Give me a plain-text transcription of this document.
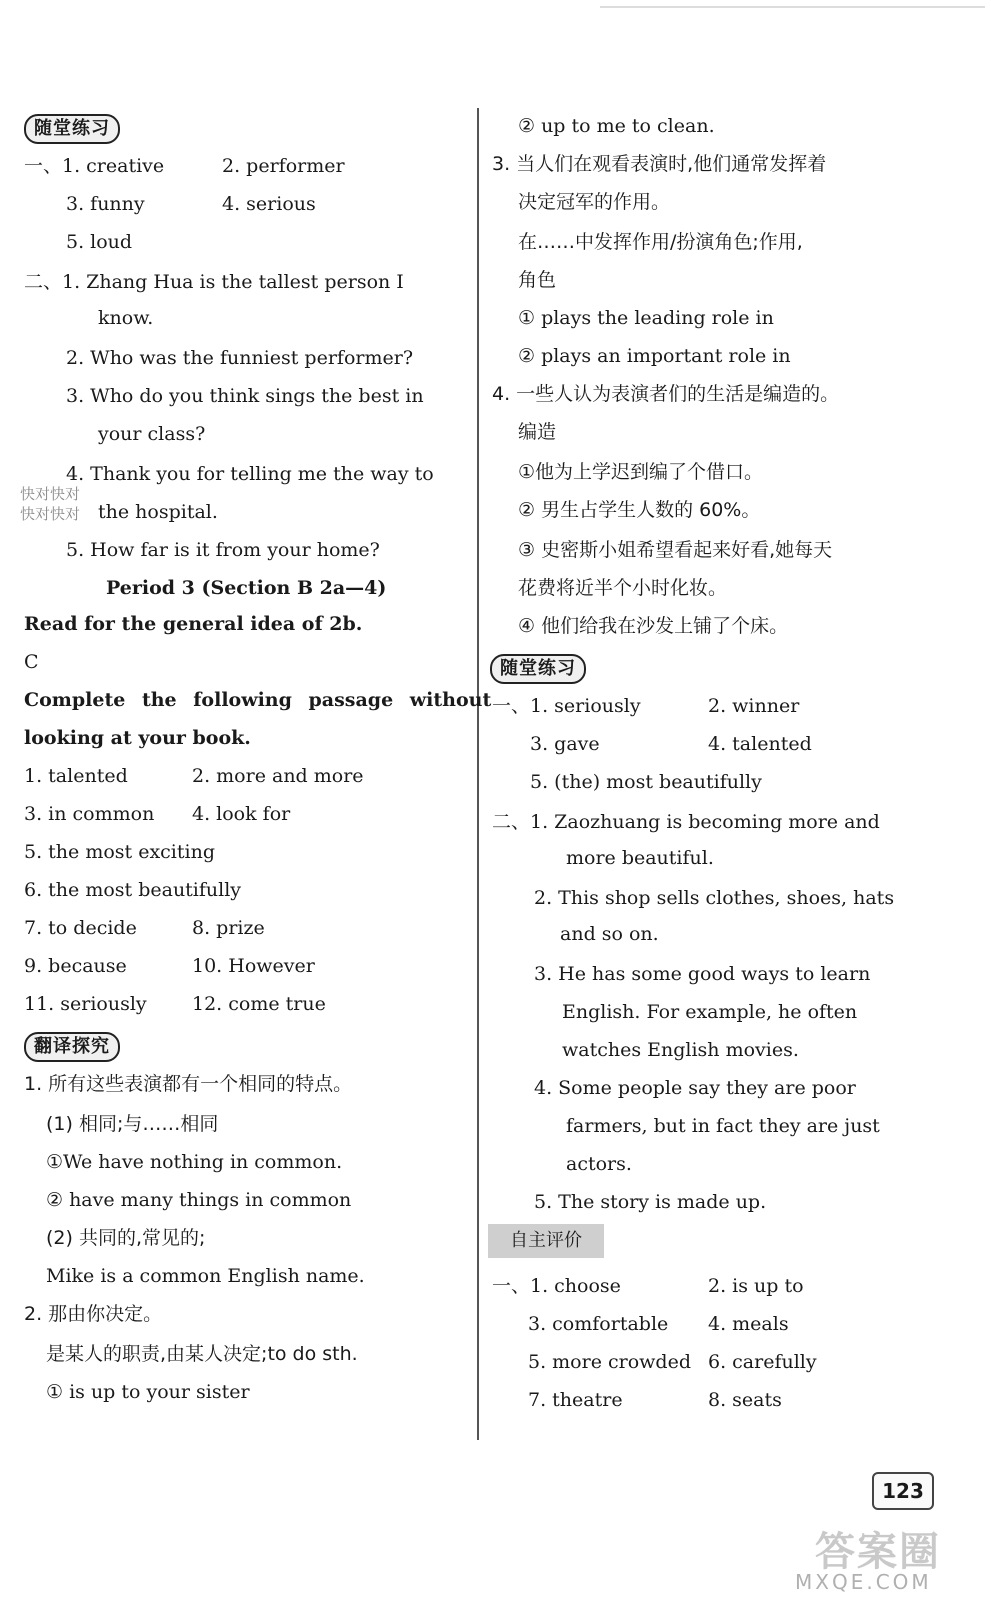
随堂练习
一、1. creative	2. performer
3. funny	4. serious
5. loud
二、1. Zhang Hua is the tallest person I
know.
2. Who was the funniest performer?
3. Who do you think sings the best in
your class?
4. Thank you for telling me the way to
the hospital.
5. How far is it from your home?
Period 3 (Section B 2a—4)
Read for the general idea of 2b.
C
Complete the following passage without
looking at your book.
1. talented	2. more and more
3. in common 4. look for
5. the most exciting
6. the most beautifully
7. to decide	8. prize
9. because	10. However
11. seriously 12. come true
翻译探究
1. 所有这些表演都有一个相同的特点。
(1) 相同;与……相同
①We have nothing in common.
② have many things in common
(2) 共同的,常见的;
Mike is a common English name.
2. 那由你决定。
是某人的职责,由某人决定;to do sth.
① is up to your sister
② up to me to clean.
3. 当人们在观看表演时,他们通常发挥着
决定冠军的作用。
在……中发挥作用/扮演角色;作用,
角色
① plays the leading role in
② plays an important role in
4. 一些人认为表演者们的生活是编造的。
编造
①他为上学迟到编了个借口。
② 男生占学生人数的 60%。
③ 史密斯小姐希望看起来好看,她每天
花费将近半个小时化妆。
④ 他们给我在沙发上铺了个床。
随堂练习
一、1. seriously	2. winner
3. gave	4. talented
5. (the) most beautifully
二、1. Zaozhuang is becoming more and
more beautiful.
2. This shop sells clothes, shoes, hats
and so on.
3. He has some good ways to learn
English. For example, he often
watches English movies.
4. Some people say they are poor
farmers, but in fact they are just
actors.
5. The story is made up.
自主评价
一、1. choose	2. is up to
3. comfortable 4. meals
5. more crowded 6. carefully
7. theatre	8. seats
123
快对快对
快对快对
答案圈
MXQE.COM
